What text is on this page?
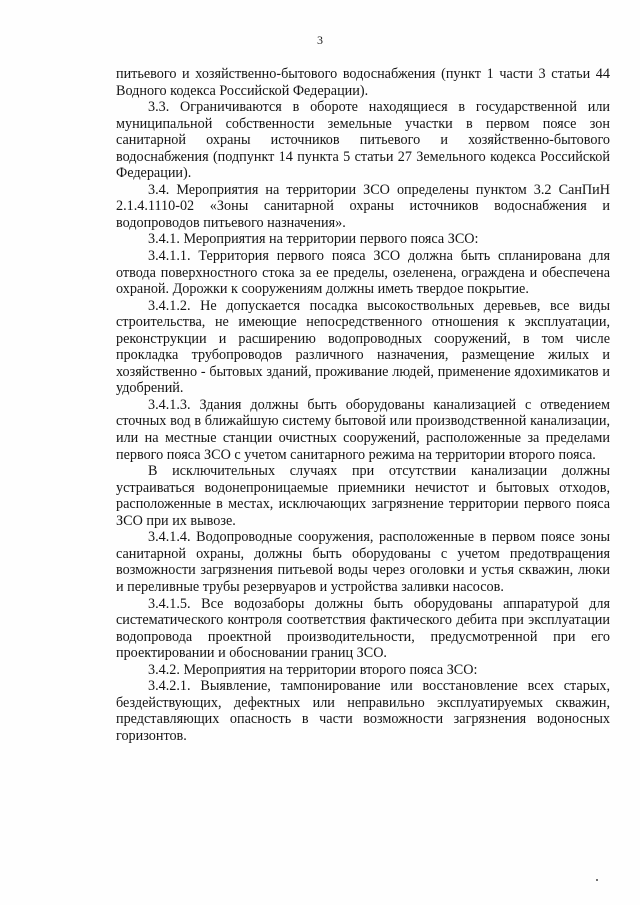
3

питьевого и хозяйственно-бытового водоснабжения (пункт 1 части 3 статьи 44 Водного кодекса Российской Федерации).

3.3. Ограничиваются в обороте находящиеся в государственной или муниципальной собственности земельные участки в первом поясе зон санитарной охраны источников питьевого и хозяйственно-бытового водоснабжения (подпункт 14 пункта 5 статьи 27 Земельного кодекса Российской Федерации).

3.4. Мероприятия на территории ЗСО определены пунктом 3.2 СанПиН 2.1.4.1110-02 «Зоны санитарной охраны источников водоснабжения и водопроводов питьевого назначения».

3.4.1. Мероприятия на территории первого пояса ЗСО:

3.4.1.1. Территория первого пояса ЗСО должна быть спланирована для отвода поверхностного стока за ее пределы, озеленена, ограждена и обеспечена охраной. Дорожки к сооружениям должны иметь твердое покрытие.

3.4.1.2. Не допускается посадка высокоствольных деревьев, все виды строительства, не имеющие непосредственного отношения к эксплуатации, реконструкции и расширению водопроводных сооружений, в том числе прокладка трубопроводов различного назначения, размещение жилых и хозяйственно - бытовых зданий, проживание людей, применение ядохимикатов и удобрений.

3.4.1.3. Здания должны быть оборудованы канализацией с отведением сточных вод в ближайшую систему бытовой или производственной канализации, или на местные станции очистных сооружений, расположенные за пределами первого пояса ЗСО с учетом санитарного режима на территории второго пояса.

В исключительных случаях при отсутствии канализации должны устраиваться водонепроницаемые приемники нечистот и бытовых отходов, расположенные в местах, исключающих загрязнение территории первого пояса ЗСО при их вывозе.

3.4.1.4. Водопроводные сооружения, расположенные в первом поясе зоны санитарной охраны, должны быть оборудованы с учетом предотвращения возможности загрязнения питьевой воды через оголовки и устья скважин, люки и переливные трубы резервуаров и устройства заливки насосов.

3.4.1.5. Все водозаборы должны быть оборудованы аппаратурой для систематического контроля соответствия фактического дебита при эксплуатации водопровода проектной производительности, предусмотренной при его проектировании и обосновании границ ЗСО.

3.4.2. Мероприятия на территории второго пояса ЗСО:

3.4.2.1. Выявление, тампонирование или восстановление всех старых, бездействующих, дефектных или неправильно эксплуатируемых скважин, представляющих опасность в части возможности загрязнения водоносных горизонтов.
